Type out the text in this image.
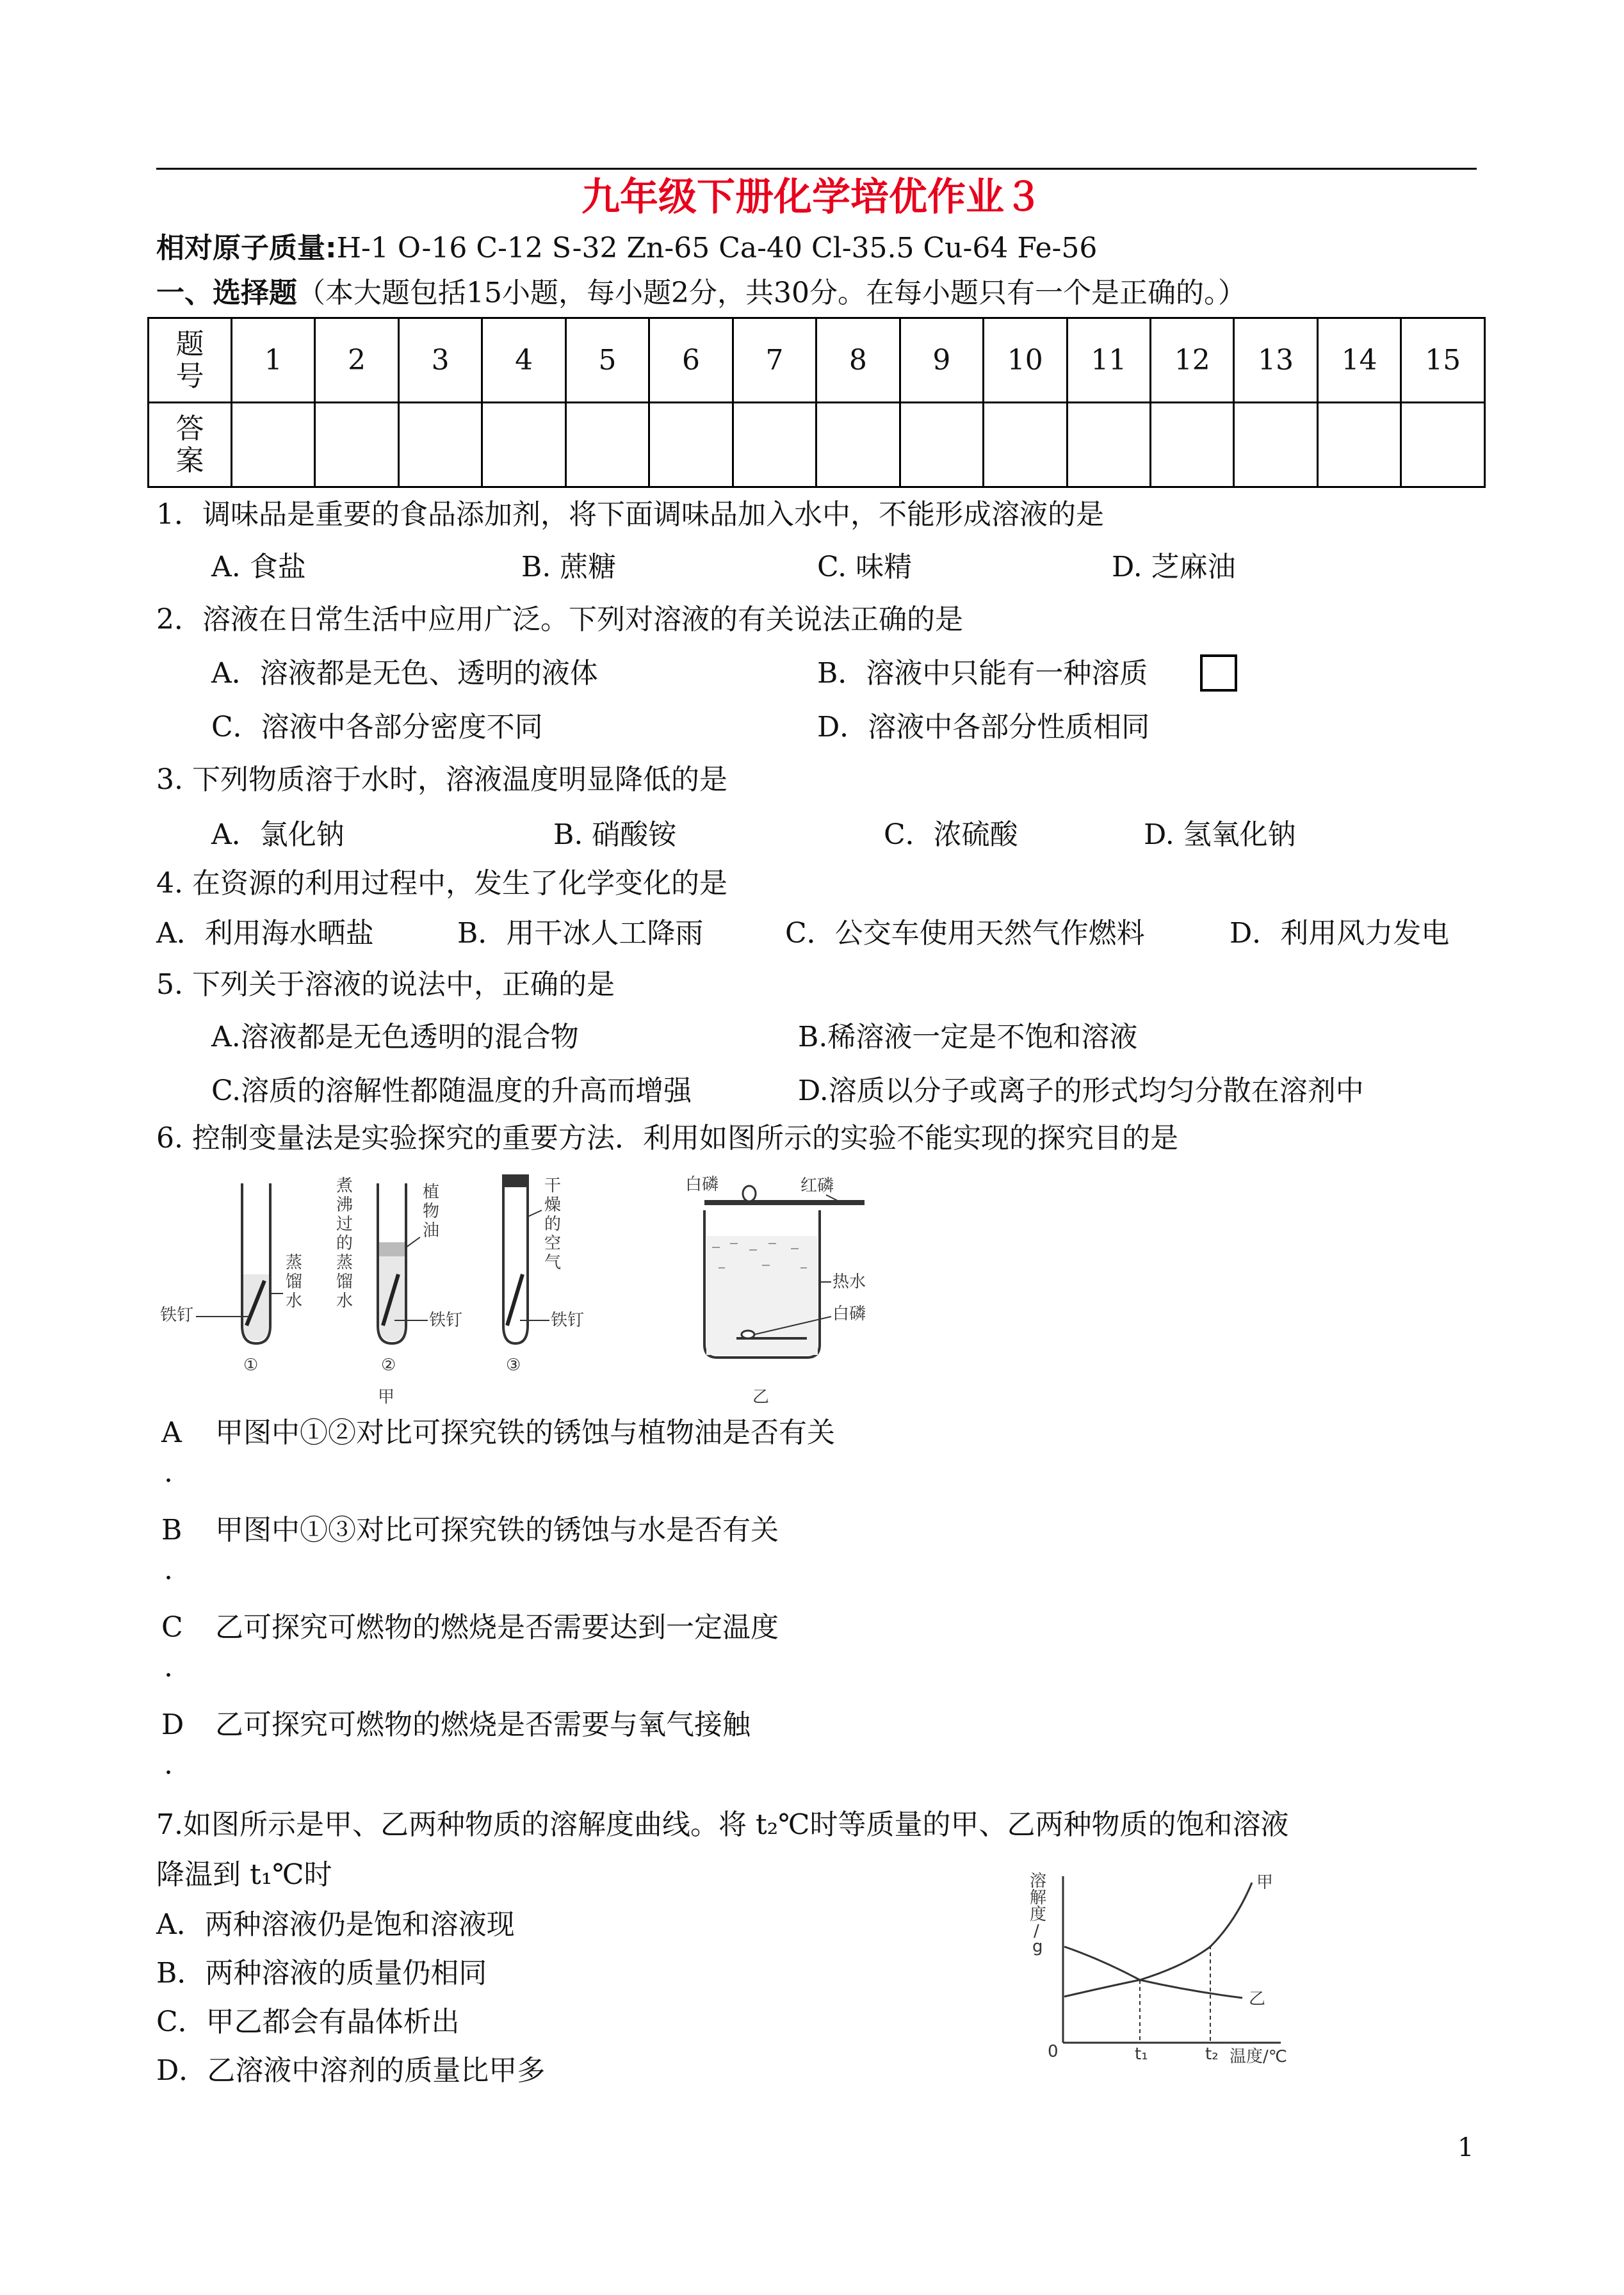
九年级下册化学培优作业３
相对原子质量:H-1 O-16 C-12 S-32 Zn-65 Ca-40 Cl-35.5 Cu-64 Fe-56
一、选择题（本大题包括15小题，每小题2分，共30分。在每小题只有一个是正确的。）
题号	1	2	3	4	5	6	7	8	9	10	11	12	13	14	15

答案															

1．调味品是重要的食品添加剂，将下面调味品加入水中，不能形成溶液的是
A. 食盐	B. 蔗糖	C. 味精	D. 芝麻油
2．溶液在日常生活中应用广泛。下列对溶液的有关说法正确的是
A．溶液都是无色、透明的液体	B．溶液中只能有一种溶质
C．溶液中各部分密度不同	D．溶液中各部分性质相同
3. 下列物质溶于水时，溶液温度明显降低的是
A．氯化钠	B. 硝酸铵	C．浓硫酸	D. 氢氧化钠
4. 在资源的利用过程中，发生了化学变化的是
A．利用海水晒盐	B．用干冰人工降雨	C．公交车使用天然气作燃料	D．利用风力发电
5. 下列关于溶液的说法中，正确的是
A.溶液都是无色透明的混合物	B.稀溶液一定是不饱和溶液
C.溶质的溶解性都随温度的升高而增强	D.溶质以分子或离子的形式均匀分散在溶剂中
6. 控制变量法是实验探究的重要方法．利用如图所示的实验不能实现的探究目的是
蒸馏水
铁钉
①
煮沸过的蒸馏水
植物油
铁钉
②
甲
干燥的空气
铁钉
③
白磷	红磷
热水
白磷
乙
A 甲图中①②对比可探究铁的锈蚀与植物油是否有关
.
B 甲图中①③对比可探究铁的锈蚀与水是否有关
.
C 乙可探究可燃物的燃烧是否需要达到一定温度
.
D 乙可探究可燃物的燃烧是否需要与氧气接触
.
7.如图所示是甲、乙两种物质的溶解度曲线。将 t₂℃时等质量的甲、乙两种物质的饱和溶液
降温到 t₁℃时
A．两种溶液仍是饱和溶液现
B．两种溶液的质量仍相同
C．甲乙都会有晶体析出
D．乙溶液中溶剂的质量比甲多
溶解度/ g
0	t₁	t₂ 温度/℃
甲
乙
1
